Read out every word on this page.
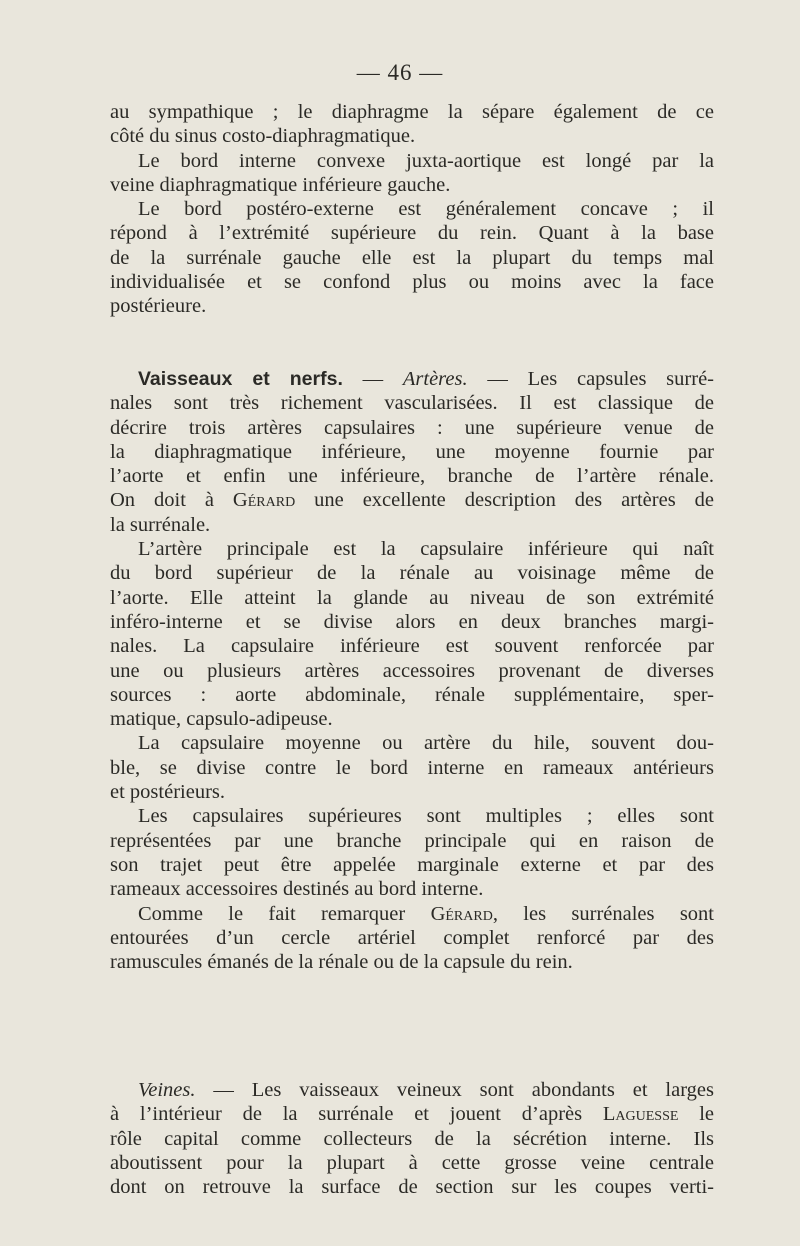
— 46 —
au sympathique ; le diaphragme la sépare également de ce
côté du sinus costo-diaphragmatique.
Le bord interne convexe juxta-aortique est longé par la
veine diaphragmatique inférieure gauche.
Le bord postéro-externe est généralement concave ; il
répond à l’extrémité supérieure du rein. Quant à la base
de la surrénale gauche elle est la plupart du temps mal
individualisée et se confond plus ou moins avec la face
postérieure.
Vaisseaux et nerfs. — Artères. — Les capsules surré-
nales sont très richement vascularisées. Il est classique de
décrire trois artères capsulaires : une supérieure venue de
la diaphragmatique inférieure, une moyenne fournie par
l’aorte et enfin une inférieure, branche de l’artère rénale.
On doit à Gérard une excellente description des artères de
la surrénale.
L’artère principale est la capsulaire inférieure qui naît
du bord supérieur de la rénale au voisinage même de
l’aorte. Elle atteint la glande au niveau de son extrémité
inféro-interne et se divise alors en deux branches margi-
nales. La capsulaire inférieure est souvent renforcée par
une ou plusieurs artères accessoires provenant de diverses
sources : aorte abdominale, rénale supplémentaire, sper-
matique, capsulo-adipeuse.
La capsulaire moyenne ou artère du hile, souvent dou-
ble, se divise contre le bord interne en rameaux antérieurs
et postérieurs.
Les capsulaires supérieures sont multiples ; elles sont
représentées par une branche principale qui en raison de
son trajet peut être appelée marginale externe et par des
rameaux accessoires destinés au bord interne.
Comme le fait remarquer Gérard, les surrénales sont
entourées d’un cercle artériel complet renforcé par des
ramuscules émanés de la rénale ou de la capsule du rein.
Veines. — Les vaisseaux veineux sont abondants et larges
à l’intérieur de la surrénale et jouent d’après Laguesse le
rôle capital comme collecteurs de la sécrétion interne. Ils
aboutissent pour la plupart à cette grosse veine centrale
dont on retrouve la surface de section sur les coupes verti-
